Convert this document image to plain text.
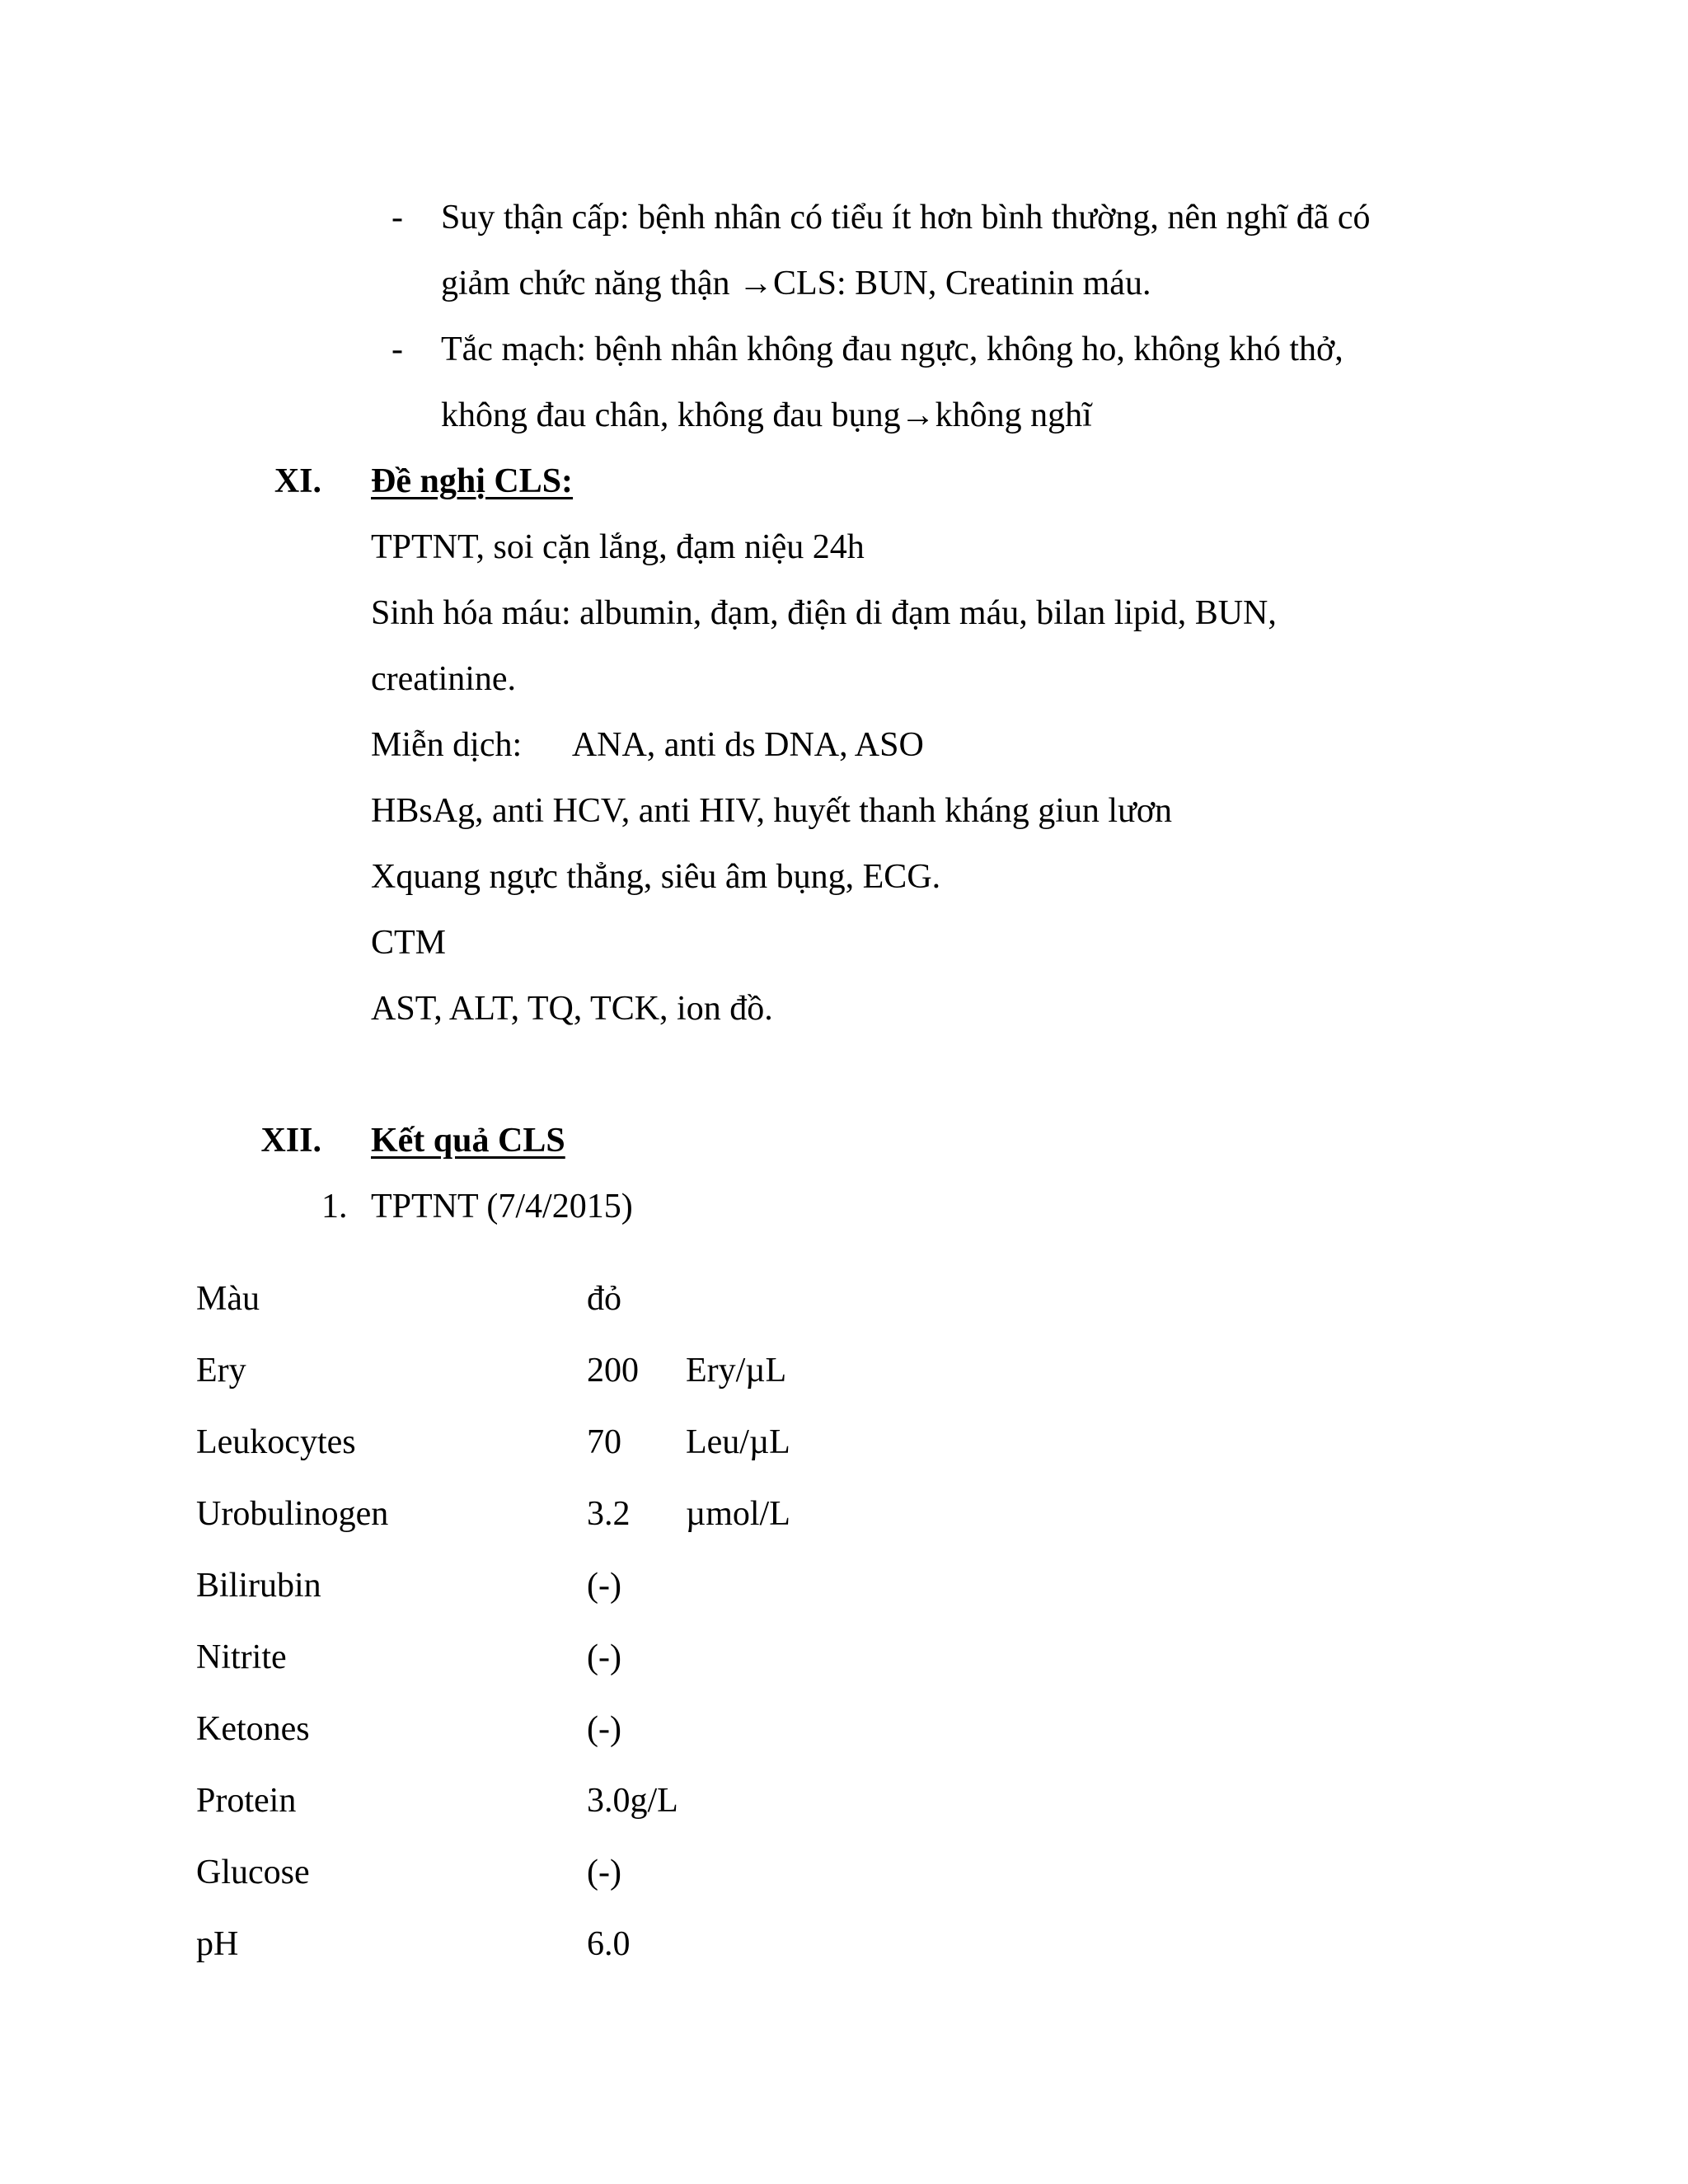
- Suy thận cấp: bệnh nhân có tiểu ít hơn bình thường, nên nghĩ đã có
giảm chức năng thận →CLS: BUN, Creatinin máu.
- Tắc mạch: bệnh nhân không đau ngực, không ho, không khó thở,
không đau chân, không đau bụng→không nghĩ
XI. Đề nghị CLS:
TPTNT, soi cặn lắng, đạm niệu 24h
Sinh hóa máu: albumin, đạm, điện di đạm máu, bilan lipid, BUN,
creatinine.
Miễn dịch:      ANA, anti ds DNA, ASO
HBsAg, anti HCV, anti HIV, huyết thanh kháng giun lươn
Xquang ngực thẳng, siêu âm bụng, ECG.
CTM
AST, ALT, TQ, TCK, ion đồ.
XII. Kết quả CLS
1. TPTNT (7/4/2015)
Màu	đỏ
Ery	200 Ery/µL
Leukocytes	70 Leu/µL
Urobulinogen	3.2 µmol/L
Bilirubin	(-)
Nitrite	(-)
Ketones	(-)
Protein	3.0g/L
Glucose	(-)
pH	6.0
